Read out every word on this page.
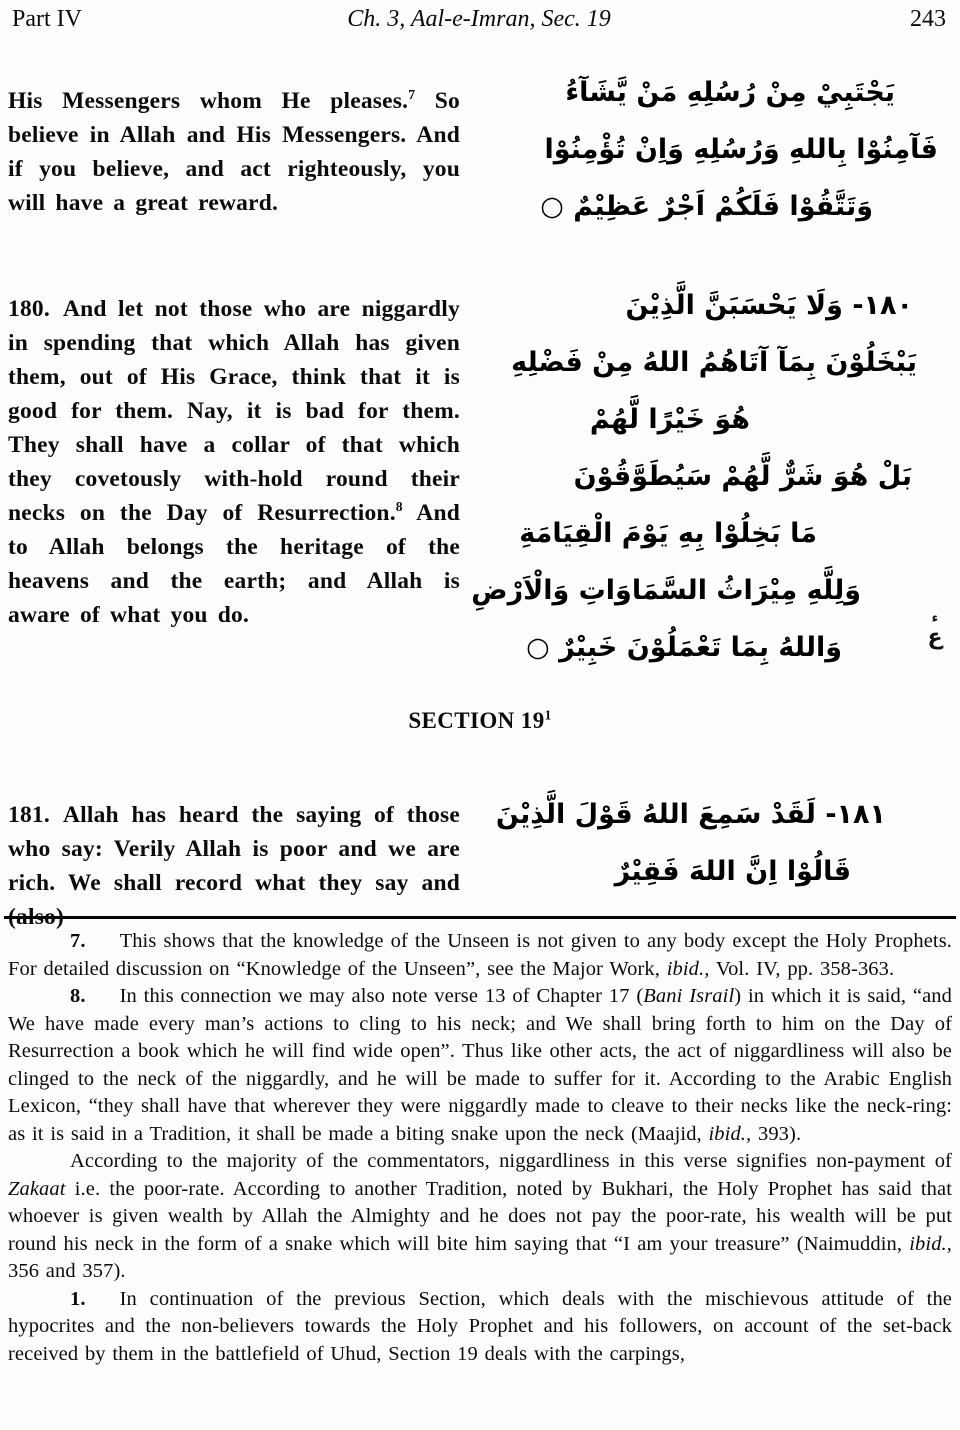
Part IV	Ch. 3, Aal-e-Imran, Sec. 19	243

His Messengers whom He pleases.$^7$ So believe in Allah and His Messengers. And if you believe, and act righteously, you will have a great reward.

يَجْتَبِيْ مِنْ رُسُلِهِ مَنْ يَّشَآءُ
فَآمِنُوْا بِاللهِ وَرُسُلِهِ وَاِنْ تُؤْمِنُوْا
وَتَتَّقُوْا فَلَكُمْ اَجْرٌ عَظِيْمٌ ○

180. And let not those who are niggardly in spending that which Allah has given them, out of His Grace, think that it is good for them. Nay, it is bad for them. They shall have a collar of that which they covetously with-hold round their necks on the Day of Resurrection.$^8$ And to Allah belongs the heritage of the heavens and the earth; and Allah is aware of what you do.

١٨٠- وَلَا يَحْسَبَنَّ الَّذِيْنَ
يَبْخَلُوْنَ بِمَآ آتَاهُمُ اللهُ مِنْ فَضْلِهِ
هُوَ خَيْرًا لَّهُمْ
بَلْ هُوَ شَرٌّ لَّهُمْ سَيُطَوَّقُوْنَ
مَا بَخِلُوْا بِهِ يَوْمَ الْقِيَامَةِ
وَلِلَّهِ مِيْرَاثُ السَّمَاوَاتِ وَالْاَرْضِ
وَاللهُ بِمَا تَعْمَلُوْنَ خَبِيْرٌ ○
ء
ع
SECTION $19^1$

181. Allah has heard the saying of those who say: Verily Allah is poor and we are rich. We shall record what they say and (also)

١٨١- لَقَدْ سَمِعَ اللهُ قَوْلَ الَّذِيْنَ
قَالُوْا اِنَّ اللهَ فَقِيْرٌ

7. This shows that the knowledge of the Unseen is not given to any body except the Holy Prophets. For detailed discussion on “Knowledge of the Unseen”, see the Major Work, ibid., Vol. IV, pp. 358-363.

8. In this connection we may also note verse 13 of Chapter 17 (Bani Israil) in which it is said, “and We have made every man’s actions to cling to his neck; and We shall bring forth to him on the Day of Resurrection a book which he will find wide open”. Thus like other acts, the act of niggardliness will also be clinged to the neck of the niggardly, and he will be made to suffer for it. According to the Arabic English Lexicon, “they shall have that wherever they were niggardly made to cleave to their necks like the neck-ring: as it is said in a Tradition, it shall be made a biting snake upon the neck (Maajid, ibid., 393).

According to the majority of the commentators, niggardliness in this verse signifies non-payment of Zakaat i.e. the poor-rate. According to another Tradition, noted by Bukhari, the Holy Prophet has said that whoever is given wealth by Allah the Almighty and he does not pay the poor-rate, his wealth will be put round his neck in the form of a snake which will bite him saying that “I am your treasure” (Naimuddin, ibid., 356 and 357).

1. In continuation of the previous Section, which deals with the mischievous attitude of the hypocrites and the non-believers towards the Holy Prophet and his followers, on account of the set-back received by them in the battlefield of Uhud, Section 19 deals with the carpings,
